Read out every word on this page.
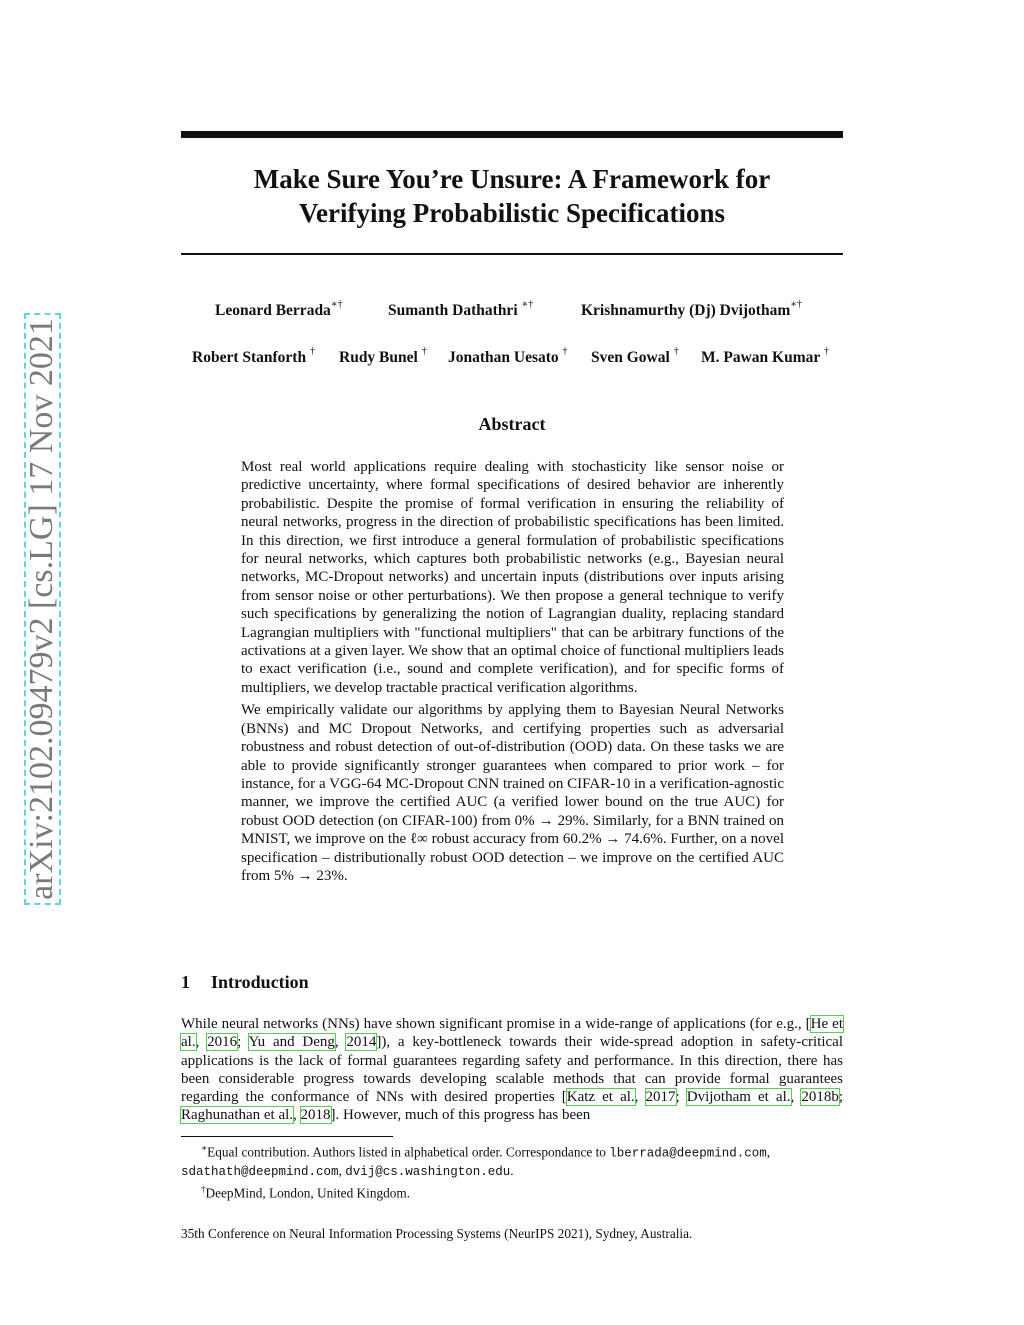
arXiv:2102.09479v2 [cs.LG] 17 Nov 2021
Make Sure You’re Unsure: A Framework for
Verifying Probabilistic Specifications
Leonard Berrada∗†	Sumanth Dathathri ∗†	Krishnamurthy (Dj) Dvijotham∗†
Robert Stanforth † Rudy Bunel † Jonathan Uesato † Sven Gowal † M. Pawan Kumar †
Abstract

Most real world applications require dealing with stochasticity like sensor noise or predictive uncertainty, where formal specifications of desired behavior are inherently probabilistic. Despite the promise of formal verification in ensuring the reliability of neural networks, progress in the direction of probabilistic specifications has been limited. In this direction, we first introduce a general formulation of probabilistic specifications for neural networks, which captures both probabilistic networks (e.g., Bayesian neural networks, MC-Dropout networks) and uncertain inputs (distributions over inputs arising from sensor noise or other perturbations). We then propose a general technique to verify such specifications by generalizing the notion of Lagrangian duality, replacing standard Lagrangian multipliers with "functional multipliers" that can be arbitrary functions of the activations at a given layer. We show that an optimal choice of functional multipliers leads to exact verification (i.e., sound and complete verification), and for specific forms of multipliers, we develop tractable practical verification algorithms.

We empirically validate our algorithms by applying them to Bayesian Neural Networks (BNNs) and MC Dropout Networks, and certifying properties such as adversarial robustness and robust detection of out-of-distribution (OOD) data. On these tasks we are able to provide significantly stronger guarantees when compared to prior work – for instance, for a VGG-64 MC-Dropout CNN trained on CIFAR-10 in a verification-agnostic manner, we improve the certified AUC (a verified lower bound on the true AUC) for robust OOD detection (on CIFAR-100) from 0% → 29%. Similarly, for a BNN trained on MNIST, we improve on the ℓ∞ robust accuracy from 60.2% → 74.6%. Further, on a novel specification – distributionally robust OOD detection – we improve on the certified AUC from 5% → 23%.

1 Introduction

While neural networks (NNs) have shown significant promise in a wide-range of applications (for e.g., [He et al., 2016; Yu and Deng, 2014]), a key-bottleneck towards their wide-spread adoption in safety-critical applications is the lack of formal guarantees regarding safety and performance. In this direction, there has been considerable progress towards developing scalable methods that can provide formal guarantees regarding the conformance of NNs with desired properties [Katz et al., 2017; Dvijotham et al., 2018b; Raghunathan et al., 2018]. However, much of this progress has been

∗Equal contribution. Authors listed in alphabetical order. Correspondance to lberrada@deepmind.com,

sdathath@deepmind.com, dvij@cs.washington.edu.

†DeepMind, London, United Kingdom.

35th Conference on Neural Information Processing Systems (NeurIPS 2021), Sydney, Australia.
